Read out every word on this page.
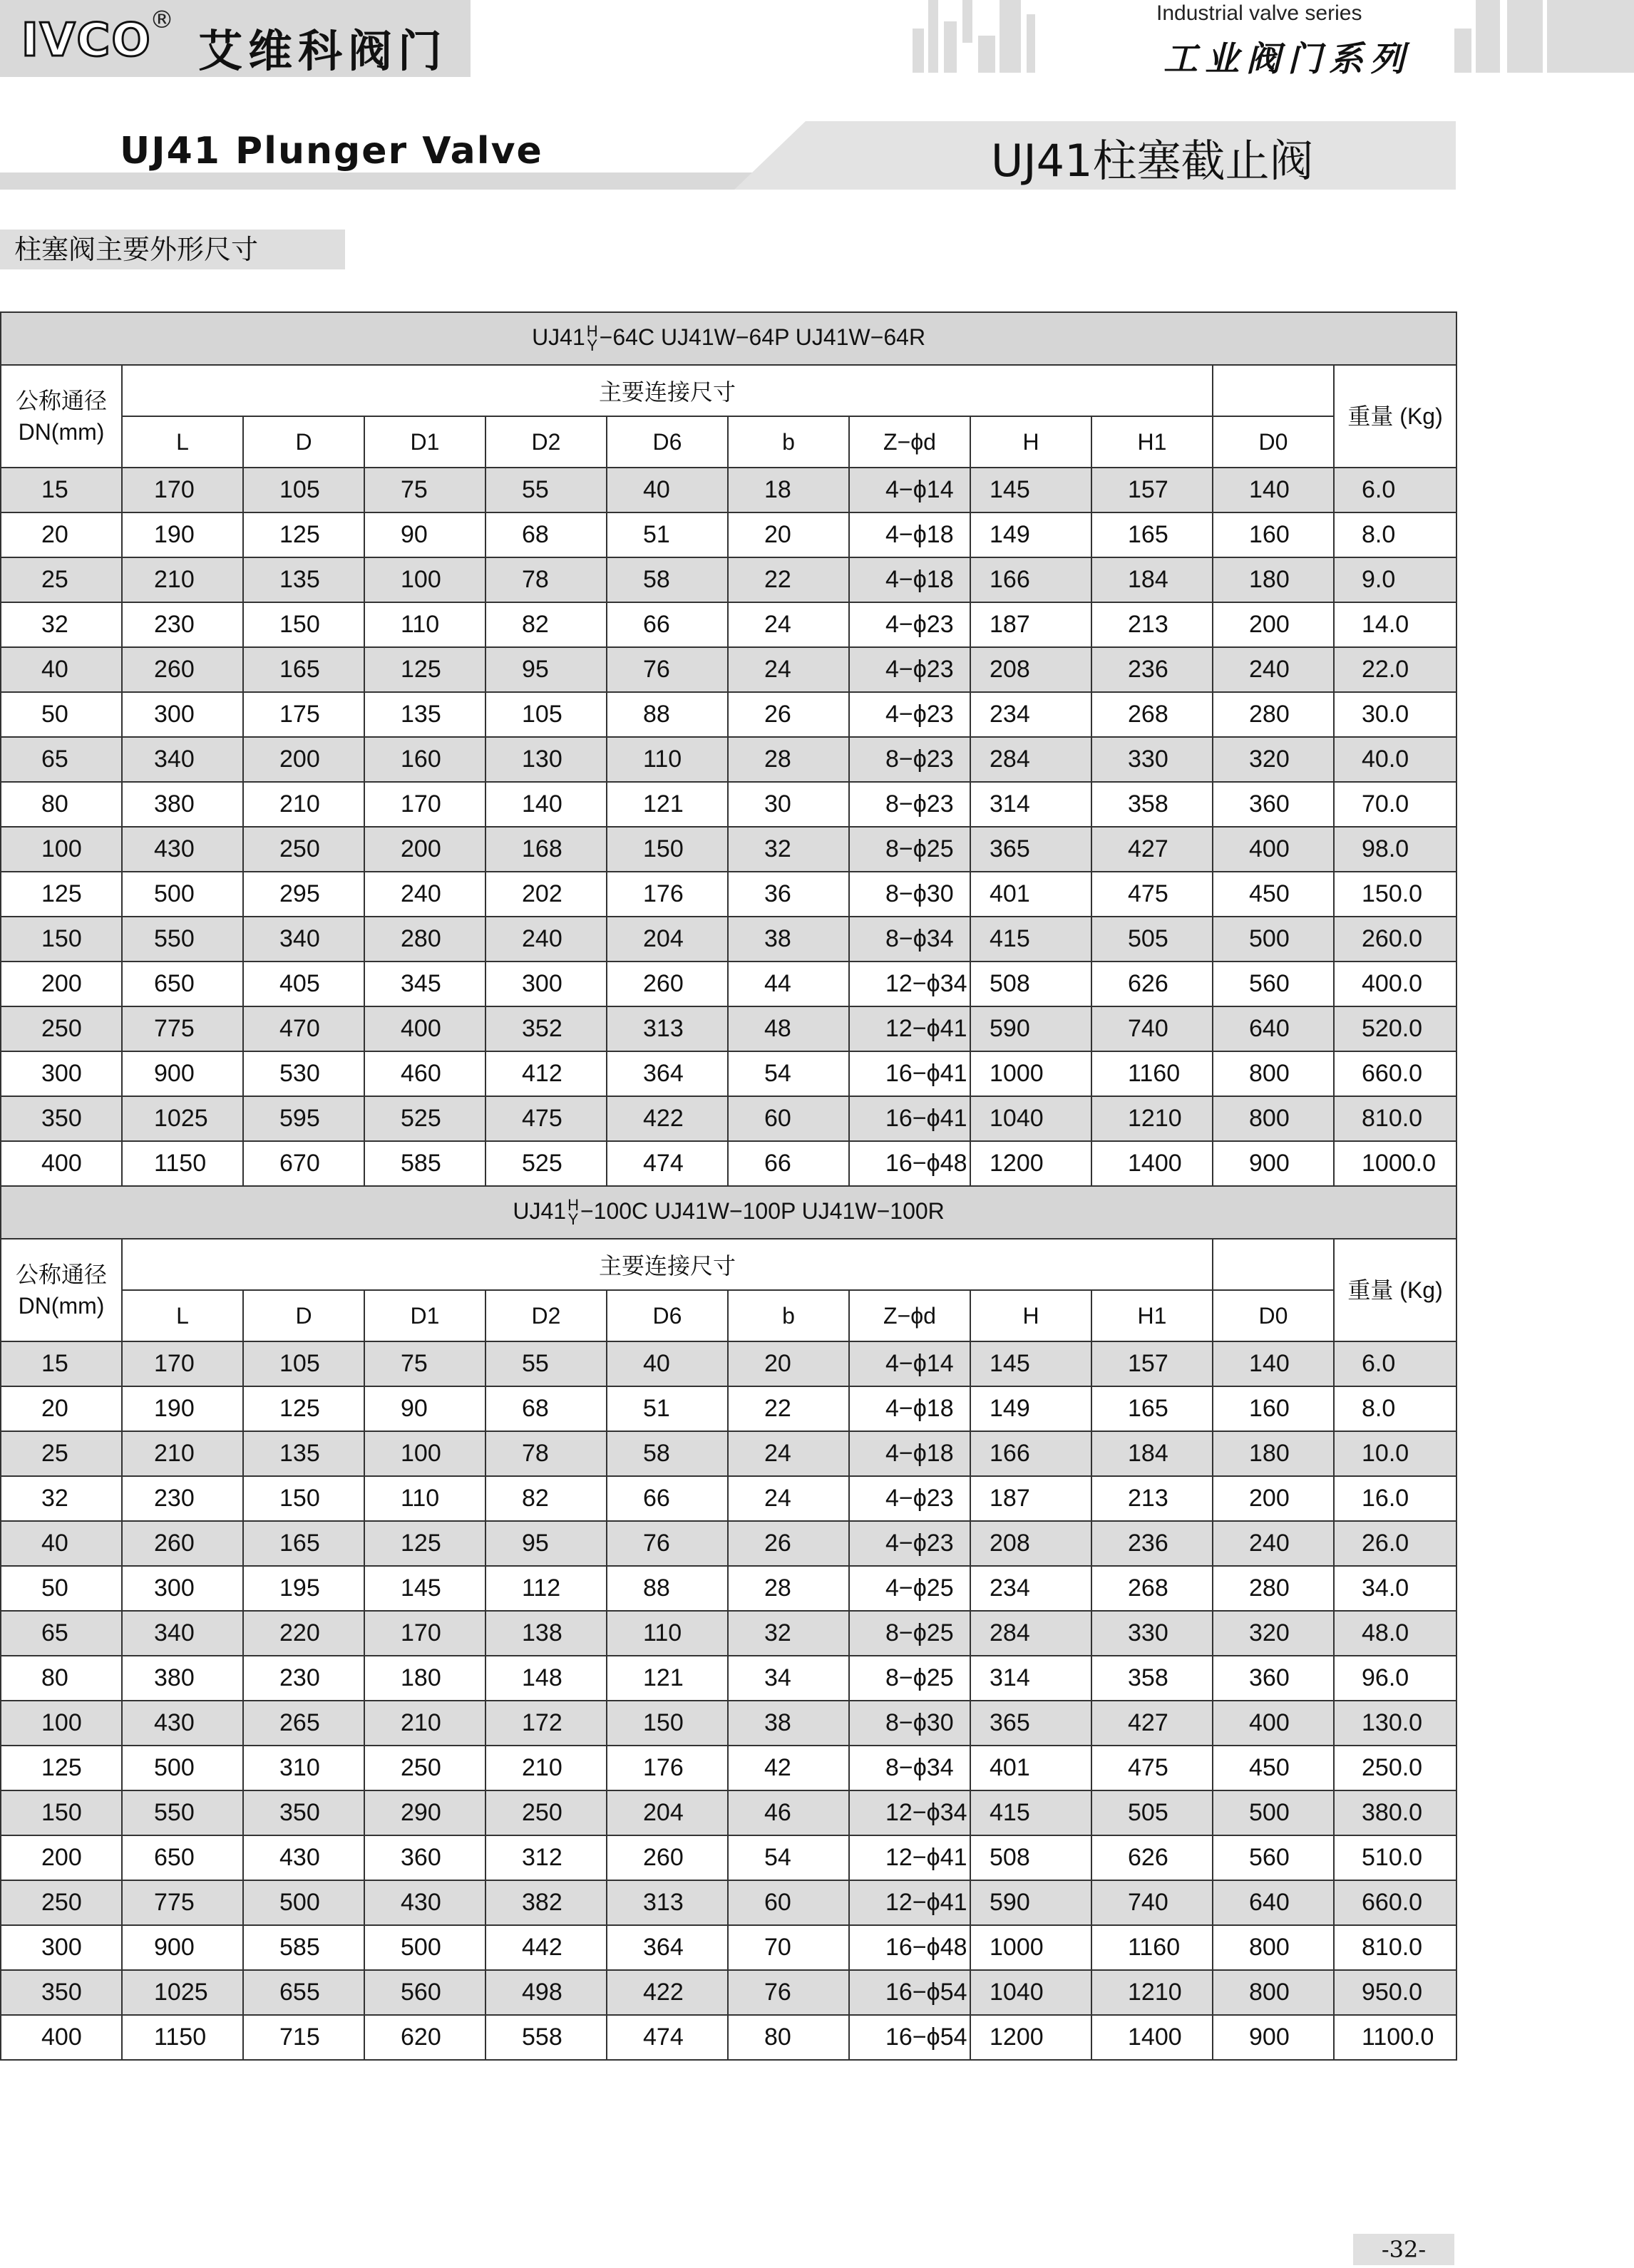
IVCO
®
艾维科阀门
Industrial valve series
工业阀门系列
UJ41 Plunger Valve	UJ41柱塞截止阀
柱塞阀主要外形尺寸
UJ41 H
Y −64C UJ41W−64P UJ41W−64R											
公称通径 DN(mm)	主要连接尺寸										重量 (Kg)
	L	D	D1	D2	D6	b	Z−ϕd	H	H1	D0	
15	170	105	75	55	40	18	4−ϕ14	145	157	140	6.0
20	190	125	90	68	51	20	4−ϕ18	149	165	160	8.0
25	210	135	100	78	58	22	4−ϕ18	166	184	180	9.0
32	230	150	110	82	66	24	4−ϕ23	187	213	200	14.0
40	260	165	125	95	76	24	4−ϕ23	208	236	240	22.0
50	300	175	135	105	88	26	4−ϕ23	234	268	280	30.0
65	340	200	160	130	110	28	8−ϕ23	284	330	320	40.0
80	380	210	170	140	121	30	8−ϕ23	314	358	360	70.0
100	430	250	200	168	150	32	8−ϕ25	365	427	400	98.0
125	500	295	240	202	176	36	8−ϕ30	401	475	450	150.0
150	550	340	280	240	204	38	8−ϕ34	415	505	500	260.0
200	650	405	345	300	260	44	12−ϕ34	508	626	560	400.0
250	775	470	400	352	313	48	12−ϕ41	590	740	640	520.0
300	900	530	460	412	364	54	16−ϕ41	1000	1160	800	660.0
350	1025	595	525	475	422	60	16−ϕ41	1040	1210	800	810.0
400	1150	670	585	525	474	66	16−ϕ48	1200	1400	900	1000.0
UJ41 H
Y −100C UJ41W−100P UJ41W−100R											
公称通径 DN(mm)	主要连接尺寸										重量 (Kg)
	L	D	D1	D2	D6	b	Z−ϕd	H	H1	D0	
15	170	105	75	55	40	20	4−ϕ14	145	157	140	6.0
20	190	125	90	68	51	22	4−ϕ18	149	165	160	8.0
25	210	135	100	78	58	24	4−ϕ18	166	184	180	10.0
32	230	150	110	82	66	24	4−ϕ23	187	213	200	16.0
40	260	165	125	95	76	26	4−ϕ23	208	236	240	26.0
50	300	195	145	112	88	28	4−ϕ25	234	268	280	34.0
65	340	220	170	138	110	32	8−ϕ25	284	330	320	48.0
80	380	230	180	148	121	34	8−ϕ25	314	358	360	96.0
100	430	265	210	172	150	38	8−ϕ30	365	427	400	130.0
125	500	310	250	210	176	42	8−ϕ34	401	475	450	250.0
150	550	350	290	250	204	46	12−ϕ34	415	505	500	380.0
200	650	430	360	312	260	54	12−ϕ41	508	626	560	510.0
250	775	500	430	382	313	60	12−ϕ41	590	740	640	660.0
300	900	585	500	442	364	70	16−ϕ48	1000	1160	800	810.0
350	1025	655	560	498	422	76	16−ϕ54	1040	1210	800	950.0
400	1150	715	620	558	474	80	16−ϕ54	1200	1400	900	1100.0
-32-
